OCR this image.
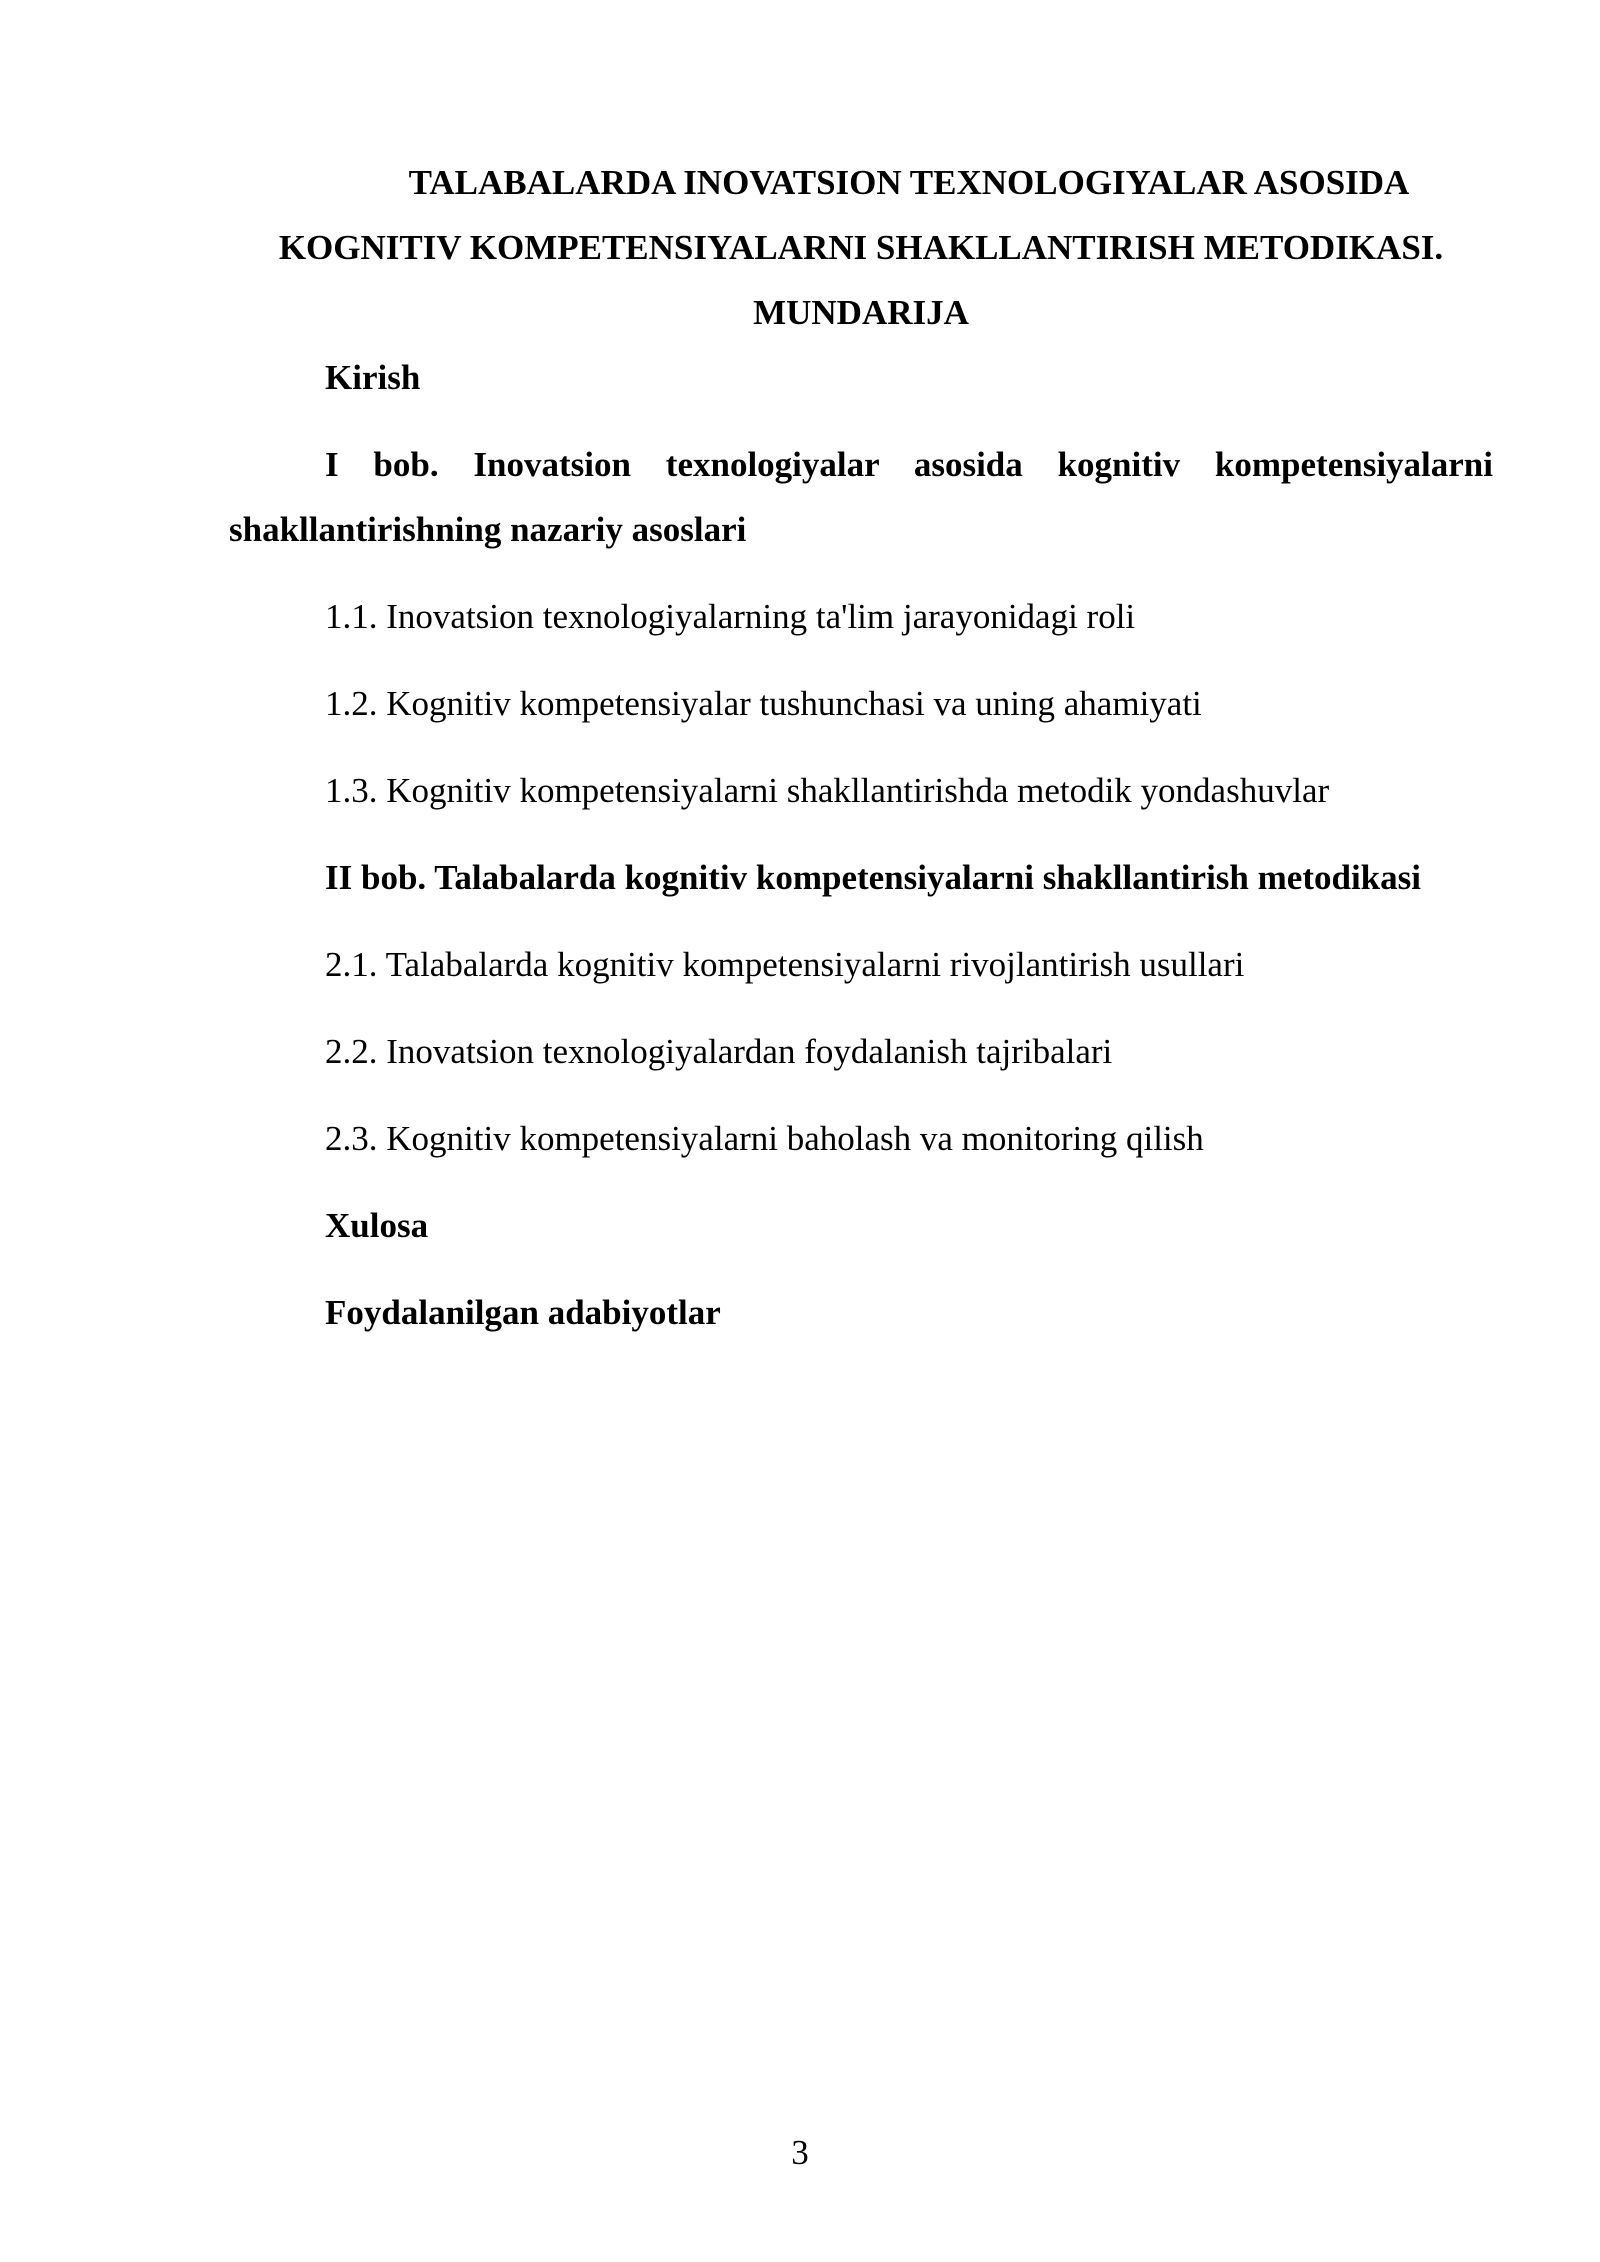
TALABALARDA INOVATSION TEXNOLOGIYALAR ASOSIDA
KOGNITIV KOMPETENSIYALARNI SHAKLLANTIRISH METODIKASI.
MUNDARIJA
Kirish
I bob. Inovatsion texnologiyalar asosida kognitiv kompetensiyalarni shakllantirishning nazariy asoslari
1.1. Inovatsion texnologiyalarning ta'lim jarayonidagi roli
1.2. Kognitiv kompetensiyalar tushunchasi va uning ahamiyati
1.3. Kognitiv kompetensiyalarni shakllantirishda metodik yondashuvlar
II bob. Talabalarda kognitiv kompetensiyalarni shakllantirish metodikasi
2.1. Talabalarda kognitiv kompetensiyalarni rivojlantirish usullari
2.2. Inovatsion texnologiyalardan foydalanish tajribalari
2.3. Kognitiv kompetensiyalarni baholash va monitoring qilish
Xulosa
Foydalanilgan adabiyotlar
3
